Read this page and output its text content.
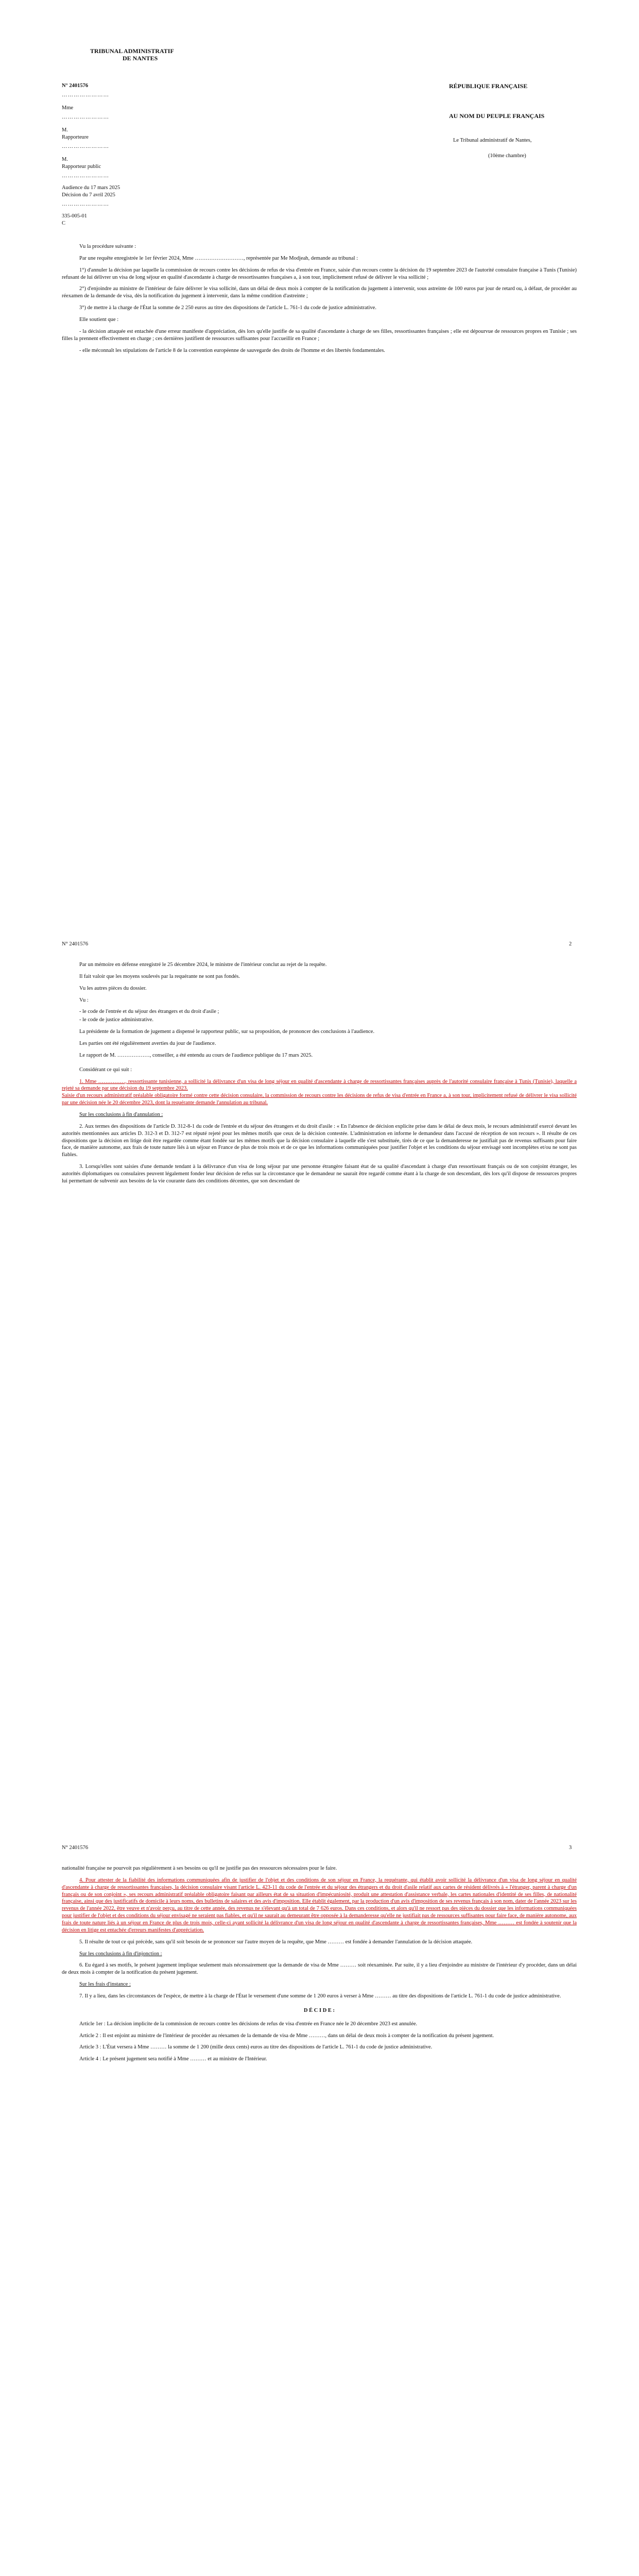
TRIBUNAL ADMINISTRATIF
DE NANTES
N° 2401576
……………………
Mme
……………………
M.
Rapporteure
……………………
M.
Rapporteur public
……………………
Audience du 17 mars 2025
Décision du 7 avril 2025
……………………
335-005-01
C
RÉPUBLIQUE FRANÇAISE
AU NOM DU PEUPLE FRANÇAIS
Le Tribunal administratif de Nantes,
(10ème chambre)

Vu la procédure suivante :

Par une requête enregistrée le 1er février 2024, Mme ………………………, représentée par Me Modjeah, demande au tribunal :

1°) d'annuler la décision par laquelle la commission de recours contre les décisions de refus de visa d'entrée en France, saisie d'un recours contre la décision du 19 septembre 2023 de l'autorité consulaire française à Tunis (Tunisie) refusant de lui délivrer un visa de long séjour en qualité d'ascendante à charge de ressortissantes françaises a, à son tour, implicitement refusé de délivrer le visa sollicité ;

2°) d'enjoindre au ministre de l'intérieur de faire délivrer le visa sollicité, dans un délai de deux mois à compter de la notification du jugement à intervenir, sous astreinte de 100 euros par jour de retard ou, à défaut, de procéder au réexamen de la demande de visa, dès la notification du jugement à intervenir, dans la même condition d'astreinte ;

3°) de mettre à la charge de l'État la somme de 2 250 euros au titre des dispositions de l'article L. 761-1 du code de justice administrative.

Elle soutient que :

- la décision attaquée est entachée d'une erreur manifeste d'appréciation, dès lors qu'elle justifie de sa qualité d'ascendante à charge de ses filles, ressortissantes françaises ; elle est dépourvue de ressources propres en Tunisie ; ses filles la prennent effectivement en charge ; ces dernières justifient de ressources suffisantes pour l'accueillir en France ;

- elle méconnaît les stipulations de l'article 8 de la convention européenne de sauvegarde des droits de l'homme et des libertés fondamentales.

N° 2401576	2

Par un mémoire en défense enregistré le 25 décembre 2024, le ministre de l'intérieur conclut au rejet de la requête.

Il fait valoir que les moyens soulevés par la requérante ne sont pas fondés.

Vu les autres pièces du dossier.

Vu :

- le code de l'entrée et du séjour des étrangers et du droit d'asile ;

- le code de justice administrative.

La présidente de la formation de jugement a dispensé le rapporteur public, sur sa proposition, de prononcer des conclusions à l'audience.

Les parties ont été régulièrement averties du jour de l'audience.

Le rapport de M. ………………, conseiller, a été entendu au cours de l'audience publique du 17 mars 2025.

Considérant ce qui suit :

1. Mme ……………, ressortissante tunisienne, a sollicité la délivrance d'un visa de long séjour en qualité d'ascendante à charge de ressortissantes françaises auprès de l'autorité consulaire française à Tunis (Tunisie), laquelle a rejeté sa demande par une décision du 19 septembre 2023.

Saisie d'un recours administratif préalable obligatoire formé contre cette décision consulaire, la commission de recours contre les décisions de refus de visa d'entrée en France a, à son tour, implicitement refusé de délivrer le visa sollicité par une décision née le 20 décembre 2023, dont la requérante demande l'annulation au tribunal.

Sur les conclusions à fin d'annulation :

2. Aux termes des dispositions de l'article D. 312-8-1 du code de l'entrée et du séjour des étrangers et du droit d'asile : « En l'absence de décision explicite prise dans le délai de deux mois, le recours administratif exercé devant les autorités mentionnées aux articles D. 312-3 et D. 312-7 est réputé rejeté pour les mêmes motifs que ceux de la décision contestée. L'administration en informe le demandeur dans l'accusé de réception de son recours ». Il résulte de ces dispositions que la décision en litige doit être regardée comme étant fondée sur les mêmes motifs que la décision consulaire à laquelle elle s'est substituée, tirés de ce que la demanderesse ne justifiait pas de revenus suffisants pour faire face, de manière autonome, aux frais de toute nature liés à un séjour en France de plus de trois mois et de ce que les informations communiquées pour justifier l'objet et les conditions du séjour envisagé sont incomplètes et/ou ne sont pas fiables.

3. Lorsqu'elles sont saisies d'une demande tendant à la délivrance d'un visa de long séjour par une personne étrangère faisant état de sa qualité d'ascendant à charge d'un ressortissant français ou de son conjoint étranger, les autorités diplomatiques ou consulaires peuvent légalement fonder leur décision de refus sur la circonstance que le demandeur ne saurait être regardé comme étant à la charge de son descendant, dès lors qu'il dispose de ressources propres lui permettant de subvenir aux besoins de la vie courante dans des conditions décentes, que son descendant de

N° 2401576	3

nationalité française ne pourvoit pas régulièrement à ses besoins ou qu'il ne justifie pas des ressources nécessaires pour le faire.

4. Pour attester de la fiabilité des informations communiquées afin de justifier de l'objet et des conditions de son séjour en France, la requérante, qui établit avoir sollicité la délivrance d'un visa de long séjour en qualité d'ascendante à charge de ressortissantes françaises, la décision consulaire visant l'article L. 423-11 du code de l'entrée et du séjour des étrangers et du droit d'asile relatif aux cartes de résident délivrés à « l'étranger, parent à charge d'un français ou de son conjoint », ses recours administratif préalable obligatoire faisant par ailleurs état de sa situation d'impécuniosité, produit une attestation d'assistance verbale, les cartes nationales d'identité de ses filles, de nationalité française, ainsi que des justificatifs de domicile à leurs noms, des bulletins de salaires et des avis d'imposition. Elle établit également, par la production d'un avis d'imposition de ses revenus français à son nom, dater de l'année 2023 sur les revenus de l'année 2022, être veuve et n'avoir perçu, au titre de cette année, des revenus ne s'élevant qu'à un total de 7 626 euros. Dans ces conditions, et alors qu'il ne ressort pas des pièces du dossier que les informations communiquées pour justifier de l'objet et des conditions du séjour envisagé ne seraient pas fiables, et qu'il ne saurait au demeurant être opposée à la demanderesse qu'elle ne justifiait pas de ressources suffisantes pour faire face, de manière autonome, aux frais de toute nature liés à un séjour en France de plus de trois mois, celle-ci ayant sollicité la délivrance d'un visa de long séjour en qualité d'ascendante à charge de ressortissantes françaises, Mme ……… est fondée à soutenir que la décision en litige est entachée d'erreurs manifestes d'appréciation.

5. Il résulte de tout ce qui précède, sans qu'il soit besoin de se prononcer sur l'autre moyen de la requête, que Mme ……… est fondée à demander l'annulation de la décision attaquée.

Sur les conclusions à fin d'injonction :

6. Eu égard à ses motifs, le présent jugement implique seulement mais nécessairement que la demande de visa de Mme ……… soit réexaminée. Par suite, il y a lieu d'enjoindre au ministre de l'intérieur d'y procéder, dans un délai de deux mois à compter de la notification du présent jugement.

Sur les frais d'instance :

7. Il y a lieu, dans les circonstances de l'espèce, de mettre à la charge de l'État le versement d'une somme de 1 200 euros à verser à Mme ……… au titre des dispositions de l'article L. 761-1 du code de justice administrative.

D É C I D E :

Article 1er : La décision implicite de la commission de recours contre les décisions de refus de visa d'entrée en France née le 20 décembre 2023 est annulée.

Article 2 : Il est enjoint au ministre de l'intérieur de procéder au réexamen de la demande de visa de Mme ………, dans un délai de deux mois à compter de la notification du présent jugement.

Article 3 : L'État versera à Mme ……… la somme de 1 200 (mille deux cents) euros au titre des dispositions de l'article L. 761-1 du code de justice administrative.

Article 4 : Le présent jugement sera notifié à Mme ……… et au ministre de l'Intérieur.
